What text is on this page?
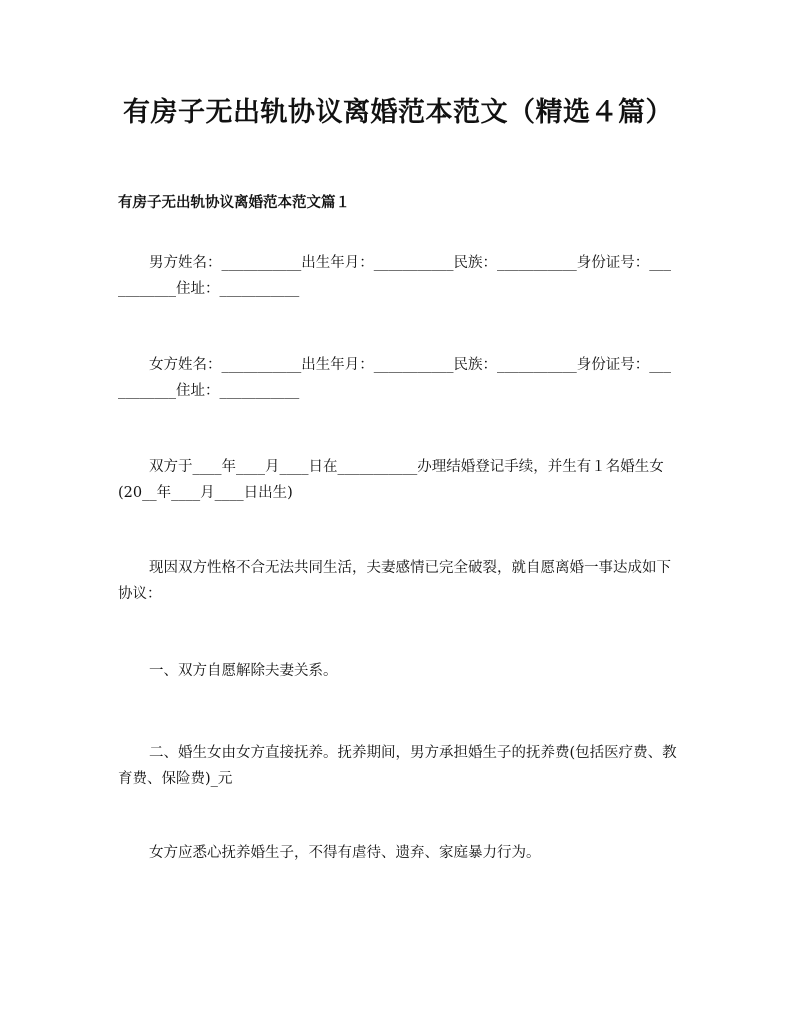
有房子无出轨协议离婚范本范文（精选４篇）
有房子无出轨协议离婚范本范文篇１
男方姓名：___________出生年月：___________民族：___________身份证号：___________住址：___________
女方姓名：___________出生年月：___________民族：___________身份证号：___________住址：___________
双方于____年____月____日在___________办理结婚登记手续，并生有１名婚生女(20__年____月____日出生)
现因双方性格不合无法共同生活，夫妻感情已完全破裂，就自愿离婚一事达成如下协议：
一、双方自愿解除夫妻关系。
二、婚生女由女方直接抚养。抚养期间，男方承担婚生子的抚养费(包括医疗费、教育费、保险费)_元
女方应悉心抚养婚生子，不得有虐待、遗弃、家庭暴力行为。
